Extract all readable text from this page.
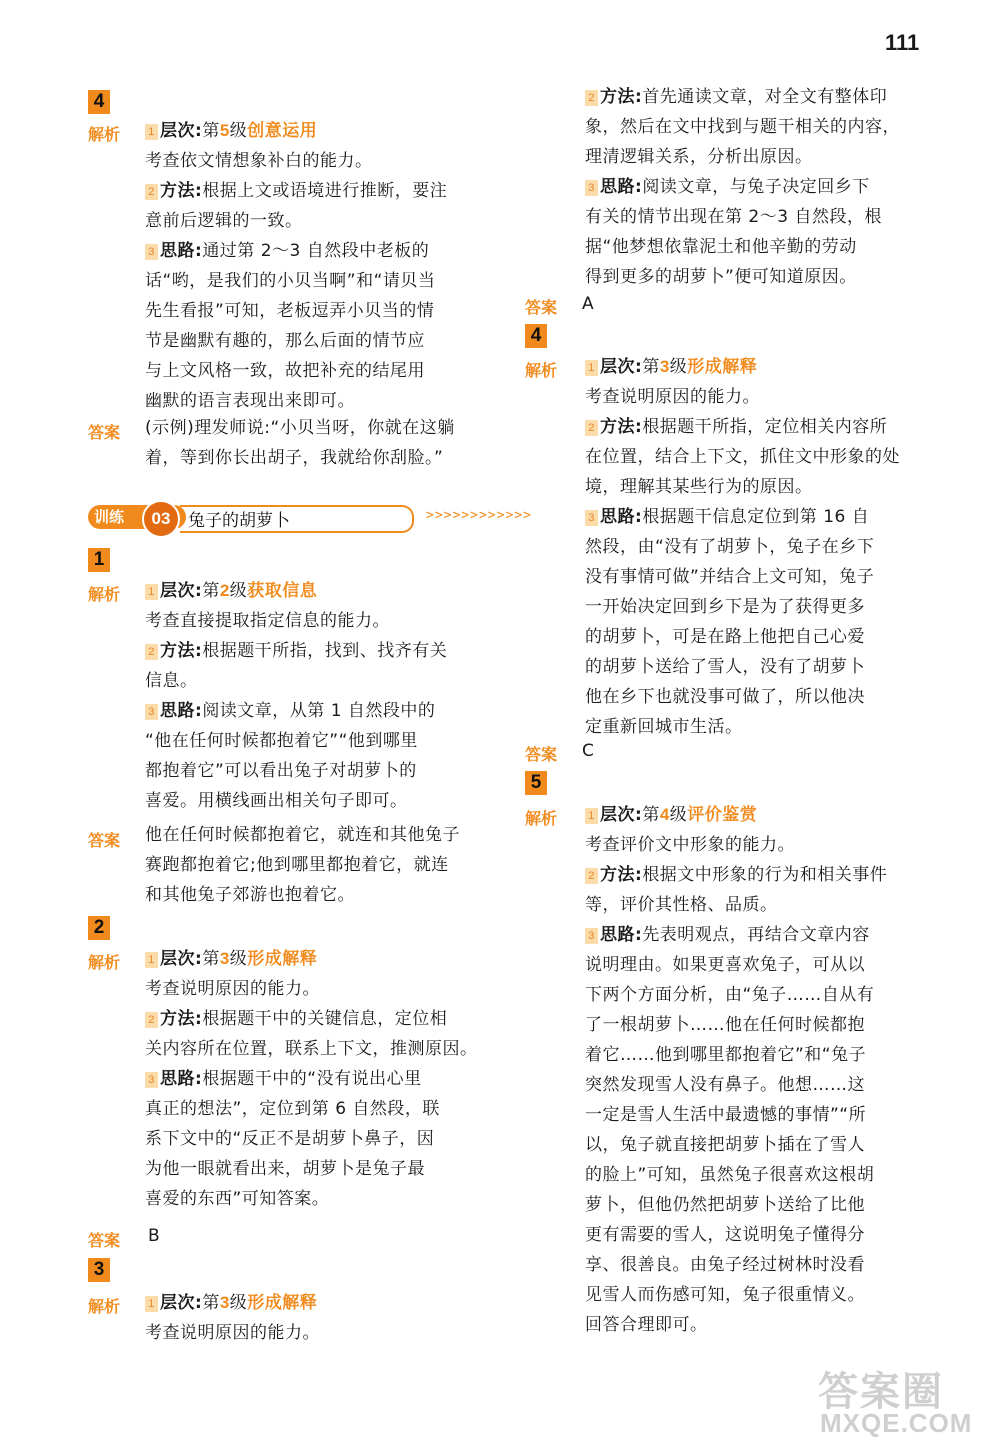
111
4
解析	1 层次:第5级创意运用
考查依文情想象补白的能力。
2 方法:根据上文或语境进行推断，要注
意前后逻辑的一致。
3 思路:通过第 2～3 自然段中老板的
话“哟，是我们的小贝当啊”和“请贝当
先生看报”可知，老板逗弄小贝当的情
节是幽默有趣的，那么后面的情节应
与上文风格一致，故把补充的结尾用
幽默的语言表现出来即可。
答案 (示例)理发师说:“小贝当呀，你就在这躺
着，等到你长出胡子，我就给你刮脸。”
训练	03	兔子的胡萝卜	>>>>>>>>>>>>
1
解析	1 层次:第2级获取信息
考查直接提取指定信息的能力。
2 方法:根据题干所指，找到、找齐有关
信息。
3 思路:阅读文章，从第 1 自然段中的
“他在任何时候都抱着它”“他到哪里
都抱着它”可以看出兔子对胡萝卜的
喜爱。用横线画出相关句子即可。
答案 他在任何时候都抱着它，就连和其他兔子
赛跑都抱着它;他到哪里都抱着它，就连
和其他兔子郊游也抱着它。
2
解析	1 层次:第3级形成解释
考查说明原因的能力。
2 方法:根据题干中的关键信息，定位相
关内容所在位置，联系上下文，推测原因。
3 思路:根据题干中的“没有说出心里
真正的想法”，定位到第 6 自然段，联
系下文中的“反正不是胡萝卜鼻子，因
为他一眼就看出来，胡萝卜是兔子最
喜爱的东西”可知答案。
答案 B
3
解析	1 层次:第3级形成解释
考查说明原因的能力。
2 方法:首先通读文章，对全文有整体印
象，然后在文中找到与题干相关的内容，
理清逻辑关系，分析出原因。
3 思路:阅读文章，与兔子决定回乡下
有关的情节出现在第 2～3 自然段，根
据“他梦想依靠泥土和他辛勤的劳动
得到更多的胡萝卜”便可知道原因。
答案 A
4
解析	1 层次:第3级形成解释
考查说明原因的能力。
2 方法:根据题干所指，定位相关内容所
在位置，结合上下文，抓住文中形象的处
境，理解其某些行为的原因。
3 思路:根据题干信息定位到第 16 自
然段，由“没有了胡萝卜，兔子在乡下
没有事情可做”并结合上文可知，兔子
一开始决定回到乡下是为了获得更多
的胡萝卜，可是在路上他把自己心爱
的胡萝卜送给了雪人，没有了胡萝卜
他在乡下也就没事可做了，所以他决
定重新回城市生活。
答案 C
5
解析	1 层次:第4级评价鉴赏
考查评价文中形象的能力。
2 方法:根据文中形象的行为和相关事件
等，评价其性格、品质。
3 思路:先表明观点，再结合文章内容
说明理由。如果更喜欢兔子，可从以
下两个方面分析，由“兔子……自从有
了一根胡萝卜……他在任何时候都抱
着它……他到哪里都抱着它”和“兔子
突然发现雪人没有鼻子。他想……这
一定是雪人生活中最遗憾的事情”“所
以，兔子就直接把胡萝卜插在了雪人
的脸上”可知，虽然兔子很喜欢这根胡
萝卜，但他仍然把胡萝卜送给了比他
更有需要的雪人，这说明兔子懂得分
享、很善良。由兔子经过树林时没看
见雪人而伤感可知，兔子很重情义。
回答合理即可。
答案圈
MXQE.COM
